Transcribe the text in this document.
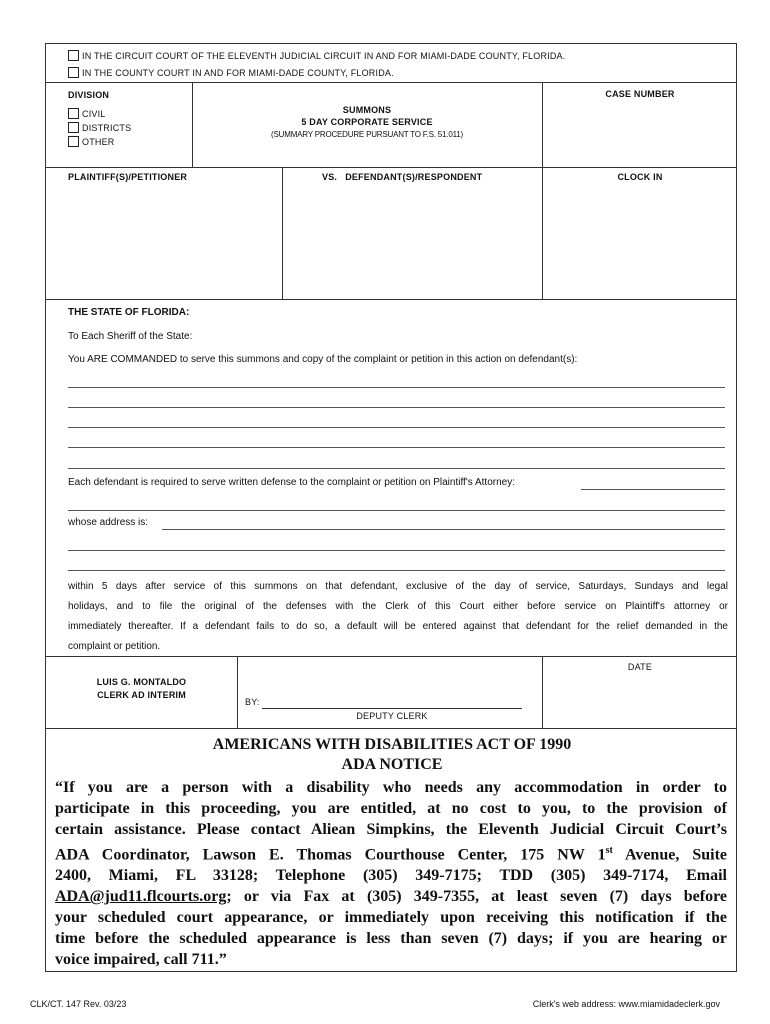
IN THE CIRCUIT COURT OF THE ELEVENTH JUDICIAL CIRCUIT IN AND FOR MIAMI-DADE COUNTY, FLORIDA.
IN THE COUNTY COURT IN AND FOR MIAMI-DADE COUNTY, FLORIDA.
DIVISION
CIVIL
DISTRICTS
OTHER
SUMMONS
5 DAY CORPORATE SERVICE
(SUMMARY PROCEDURE PURSUANT TO F.S. 51.011)
CASE NUMBER
PLAINTIFF(S)/PETITIONER	VS.   DEFENDANT(S)/RESPONDENT	CLOCK IN
THE STATE OF FLORIDA:
To Each Sheriff of the State:
You ARE COMMANDED to serve this summons and copy of the complaint or petition in this action on defendant(s):
Each defendant is required to serve written defense to the complaint or petition on Plaintiff's Attorney:
whose address is:
within 5 days after service of this summons on that defendant, exclusive of the day of service, Saturdays, Sundays and legal
holidays, and to file the original of the defenses with the Clerk of this Court either before service on Plaintiff's attorney or
immediately thereafter. If a defendant fails to do so, a default will be entered against that defendant for the relief demanded in the
complaint or petition.
LUIS G. MONTALDO
CLERK AD INTERIM
BY:
DEPUTY CLERK
DATE
AMERICANS WITH DISABILITIES ACT OF 1990
ADA NOTICE
“If you are a person with a disability who needs any accommodation in order to
participate in this proceeding, you are entitled, at no cost to you, to the provision of
certain assistance. Please contact Aliean Simpkins, the Eleventh Judicial Circuit Court’s
ADA Coordinator, Lawson E. Thomas Courthouse Center, 175 NW 1st Avenue, Suite
2400, Miami, FL 33128; Telephone (305) 349-7175; TDD (305) 349-7174, Email
ADA@jud11.flcourts.org; or via Fax at (305) 349-7355, at least seven (7) days before
your scheduled court appearance, or immediately upon receiving this notification if the
time before the scheduled appearance is less than seven (7) days; if you are hearing or
voice impaired, call 711.”
CLK/CT. 147 Rev. 03/23	Clerk's web address: www.miamidadeclerk.gov
